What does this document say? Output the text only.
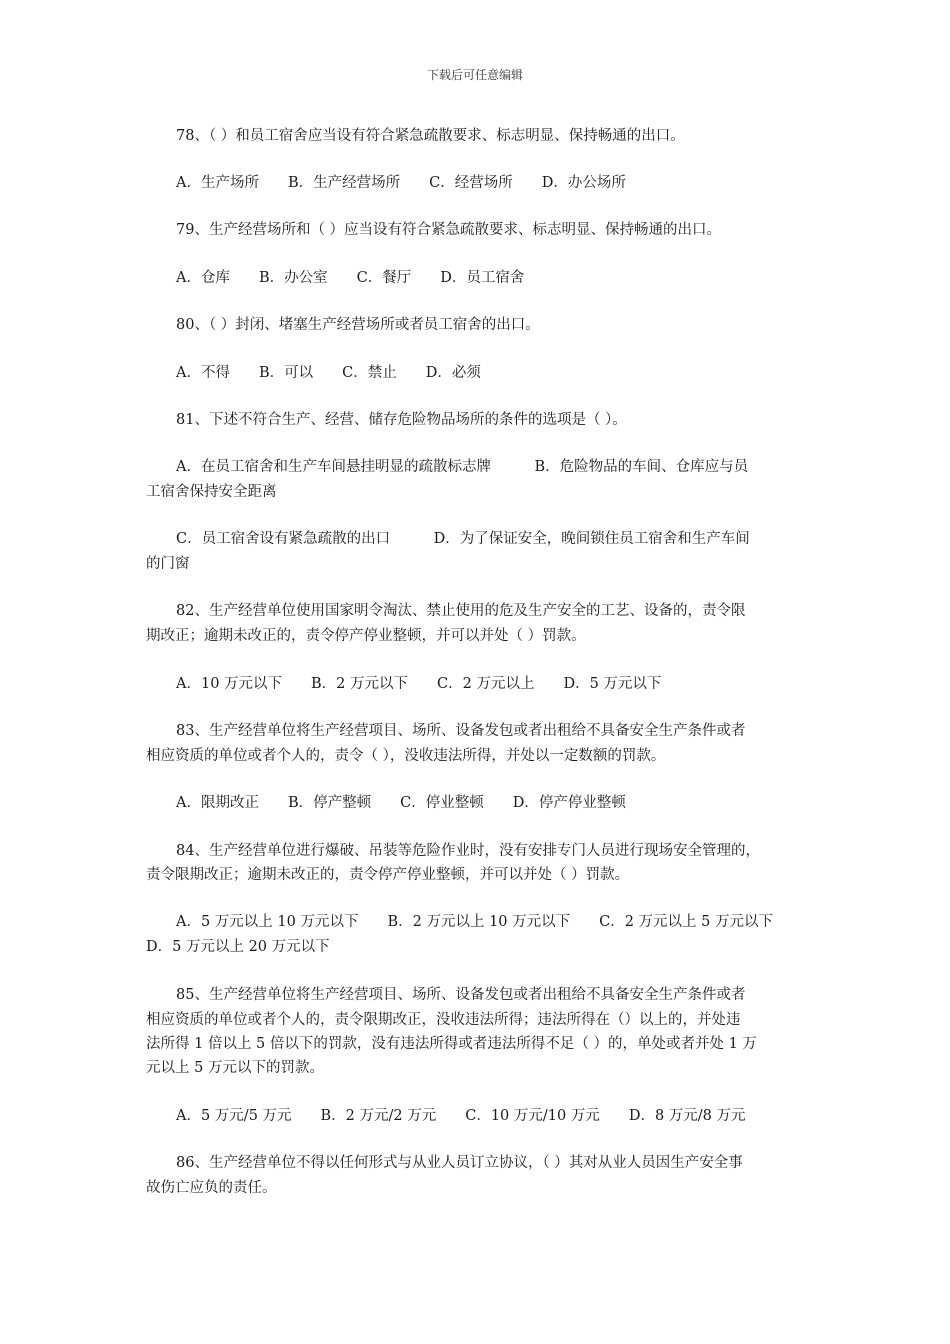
下载后可任意编辑
78、（ ）和员工宿舍应当设有符合紧急疏散要求、标志明显、保持畅通的出口。
A．生产场所　　B．生产经营场所　　C．经营场所　　D．办公场所
79、生产经营场所和（ ）应当设有符合紧急疏散要求、标志明显、保持畅通的出口。
A．仓库　　B．办公室　　C．餐厅　　D．员工宿舍
80、（ ）封闭、堵塞生产经营场所或者员工宿舍的出口。
A．不得　　B．可以　　C．禁止　　D．必须
81、下述不符合生产、经营、储存危险物品场所的条件的选项是（ ）。
A．在员工宿舍和生产车间悬挂明显的疏散标志牌　　　B．危险物品的车间、仓库应与员
工宿舍保持安全距离
C．员工宿舍设有紧急疏散的出口　　　D．为了保证安全，晚间锁住员工宿舍和生产车间
的门窗
82、生产经营单位使用国家明令淘汰、禁止使用的危及生产安全的工艺、设备的，责令限
期改正；逾期未改正的，责令停产停业整顿，并可以并处（ ）罚款。
A．10 万元以下　　B．2 万元以下　　C．2 万元以上　　D．5 万元以下
83、生产经营单位将生产经营项目、场所、设备发包或者出租给不具备安全生产条件或者
相应资质的单位或者个人的，责令（ ），没收违法所得，并处以一定数额的罚款。
A．限期改正　　B．停产整顿　　C．停业整顿　　D．停产停业整顿
84、生产经营单位进行爆破、吊装等危险作业时，没有安排专门人员进行现场安全管理的，
责令限期改正；逾期未改正的，责令停产停业整顿，并可以并处（ ）罚款。
A．5 万元以上 10 万元以下　　B．2 万元以上 10 万元以下　　C．2 万元以上 5 万元以下
D．5 万元以上 20 万元以下
85、生产经营单位将生产经营项目、场所、设备发包或者出租给不具备安全生产条件或者
相应资质的单位或者个人的，责令限期改正，没收违法所得；违法所得在（）以上的，并处违
法所得 1 倍以上 5 倍以下的罚款，没有违法所得或者违法所得不足（ ）的，单处或者并处 1 万
元以上 5 万元以下的罚款。
A．5 万元/5 万元　　B．2 万元/2 万元　　C．10 万元/10 万元　　D．8 万元/8 万元
86、生产经营单位不得以任何形式与从业人员订立协议，（ ）其对从业人员因生产安全事
故伤亡应负的责任。
